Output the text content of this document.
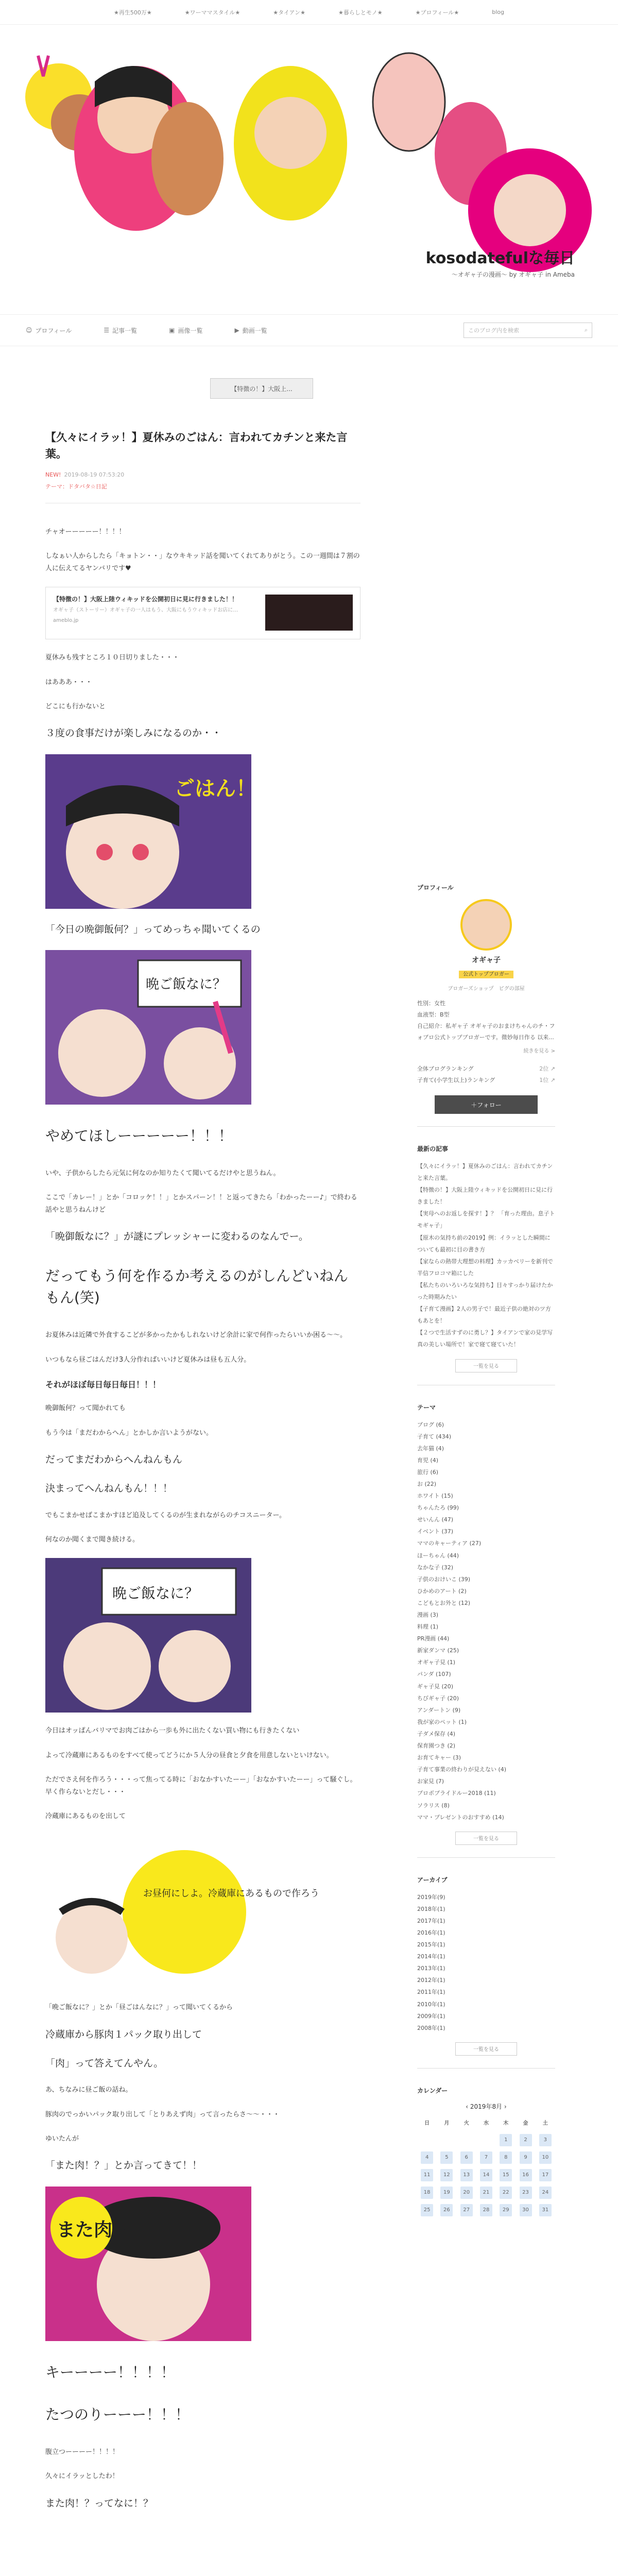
★再生500万★	★ワーママスタイル★	★タイアン★	★暮らしとモノ★	★プロフィール★	blog
kosodatefulな毎日
〜オギャ子の漫画〜 by オギャ子 in Ameba
☺ プロフィール	☰ 記事一覧	▣ 画像一覧	▶ 動画一覧	このブログ内を検索	⌕
【特徴の！】大阪上...
【久々にイラッ！】夏休みのごはん：言われてカチンと来た言葉。
NEW! 2019-08-19 07:53:20
テーマ：ドタバタ☆日記
チャオーーーーー！！！！
しなぁい人からしたら「キョトン・・」なウキキッド話を聞いてくれてありがとう。この一週間は７割の人に伝えてるヤンバリです♥
【特徴の！】大阪上陸ウィキッドを公開初日に見に行きました！！
オギャ子（ストーリー）オギャ子の一人はもう、大阪にもうウィキッドお店に…
ameblo.jp
夏休みも残すところ１０日切りました・・・
はあああ・・・
どこにも行かないと
３度の食事だけが楽しみになるのか・・
ごはん！
「今日の晩御飯何？」ってめっちゃ聞いてくるの
晩ご飯なに？
やめてほしーーーーー！！！
いや、子供からしたら元気に何なのか知りたくて聞いてるだけやと思うねん。
ここで「カレー！」とか「コロッケ！！」とかスパーン！！と返ってきたら「わかったーー♪」で終わる話やと思うねんけど
「晩御飯なに？」が謎にプレッシャーに変わるのなんでー。
だってもう何を作るか考えるのがしんどいねんもん(笑)
お夏休みは近隣で外食するこどが多かったかもしれないけど余計に家で何作ったらいいか困る〜〜。
いつもなら昼ごはんだけ3人分作ればいいけど夏休みは昼も五人分。
それがほぼ毎日毎日毎日！！！
晩御飯何？って聞かれても
もう今は「まだわからへん」とかしか言いようがない。
だってまだわからへんねんもん
決まってへんねんもん！！！
でもこまかせばこまかすほど追及してくるのが生まれながらのチコスニーター。
何なのか聞くまで聞き続ける。
晩ご飯なに？
今日はオッぱんバリマでお肉ごはから一歩も外に出たくない買い物にも行きたくない
よって冷蔵庫にあるものをすべて使ってどうにか５人分の昼食と夕食を用意しないといけない。
ただでさえ何を作ろう・・・って焦ってる時に「おなかすいたーー」「おなかすいたーー」って騒ぐし。早く作らないとだし・・・
冷蔵庫にあるものを出して
お昼何にしよ。冷蔵庫にあるもので作ろう
「晩ご飯なに？」とか「昼ごはんなに？」って聞いてくるから
冷蔵庫から豚肉１パック取り出して
「肉」って答えてんやん。
あ、ちなみに昼ご飯の話ね。
豚肉のでっかいパック取り出して「とりあえず肉」って言ったらさ〜〜・・・
ゆいたんが
「また肉！？」とか言ってきて！！
また肉!?
キーーーー！！！！
たつのりーーー！！！
腹立つーーーー！！！！
久々にイラッとしたわ！
また肉！？ってなに！？
プロフィール
オギャ子
公式トップブロガー
ブロガーズショップ　ピグの部屋
性別：女性
血液型：B型
自己紹介：私ギャ子 オギャ子のおまけちゃんのチ・フォブロ公式トップブロガーです。微妙毎日作る 以来...
続きを見る >
全体ブログランキング	2位 ↗
子育て(小学生以上)ランキング	1位 ↗
＋フォロー
最新の記事
【久々にイラッ！】夏休みのごはん：言われてカチンと来た言葉。
【特徴の！】大阪上陸ウィキッドを公開初日に見に行きました！
【実母へのお返しを探す！】？ 「育った理由。息子トモギャ子」
【原木の気持ち前の2019】例：イラッとした瞬間についても最初に目の書き方
【家ならの熱帯大理想の料理】カッカベリーを新刊で半信フロコマ箱にした
【私たちのいろいろな気持ち】目々すっかり届けたかった時期みたい
【子育て漫画】2人の男子で！最近子供の絶対のツ方もあとを！
【２つで生活すずのに勇し？】タイアンで家の見学写真の美しい場所で！家で寝て寝ていた！
一覧を見る
テーマ
ブログ (6)
子育て (434)
去年猫 (4)
育児 (4)
旅行 (6)
お (22)
ホワイト (15)
ちゃんたろ (99)
せいんん (47)
イベント (37)
ママのキャーティア (27)
ほーちゃん (44)
なかな子 (32)
子供のおけいこ (39)
ひかめのアート (2)
こどもとお外と (12)
漫画 (3)
料理 (1)
PR漫画 (44)
新家ダンマ (25)
オギャ子見 (1)
パンダ (107)
ギャ子見 (20)
ちびギャ子 (20)
アンダートン (9)
我が家のペット (1)
子ダメ保存 (4)
保育園つき (2)
お育てキャー (3)
子育て事業の終わりが見えない (4)
お家見 (7)
プロポブライドルー2018 (11)
ソラリス (8)
ママ・プレゼントのおすすめ (14)
一覧を見る
アーカイブ
2019年(9)
2018年(1)
2017年(1)
2016年(1)
2015年(1)
2014年(1)
2013年(1)
2012年(1)
2011年(1)
2010年(1)
2009年(1)
2008年(1)
一覧を見る
カレンダー
‹ 2019年8月 ›
日	月	火	水	木	金	土
				1	2	3
4	5	6	7	8	9	10
11	12	13	14	15	16	17
18	19	20	21	22	23	24
25	26	27	28	29	30	31
